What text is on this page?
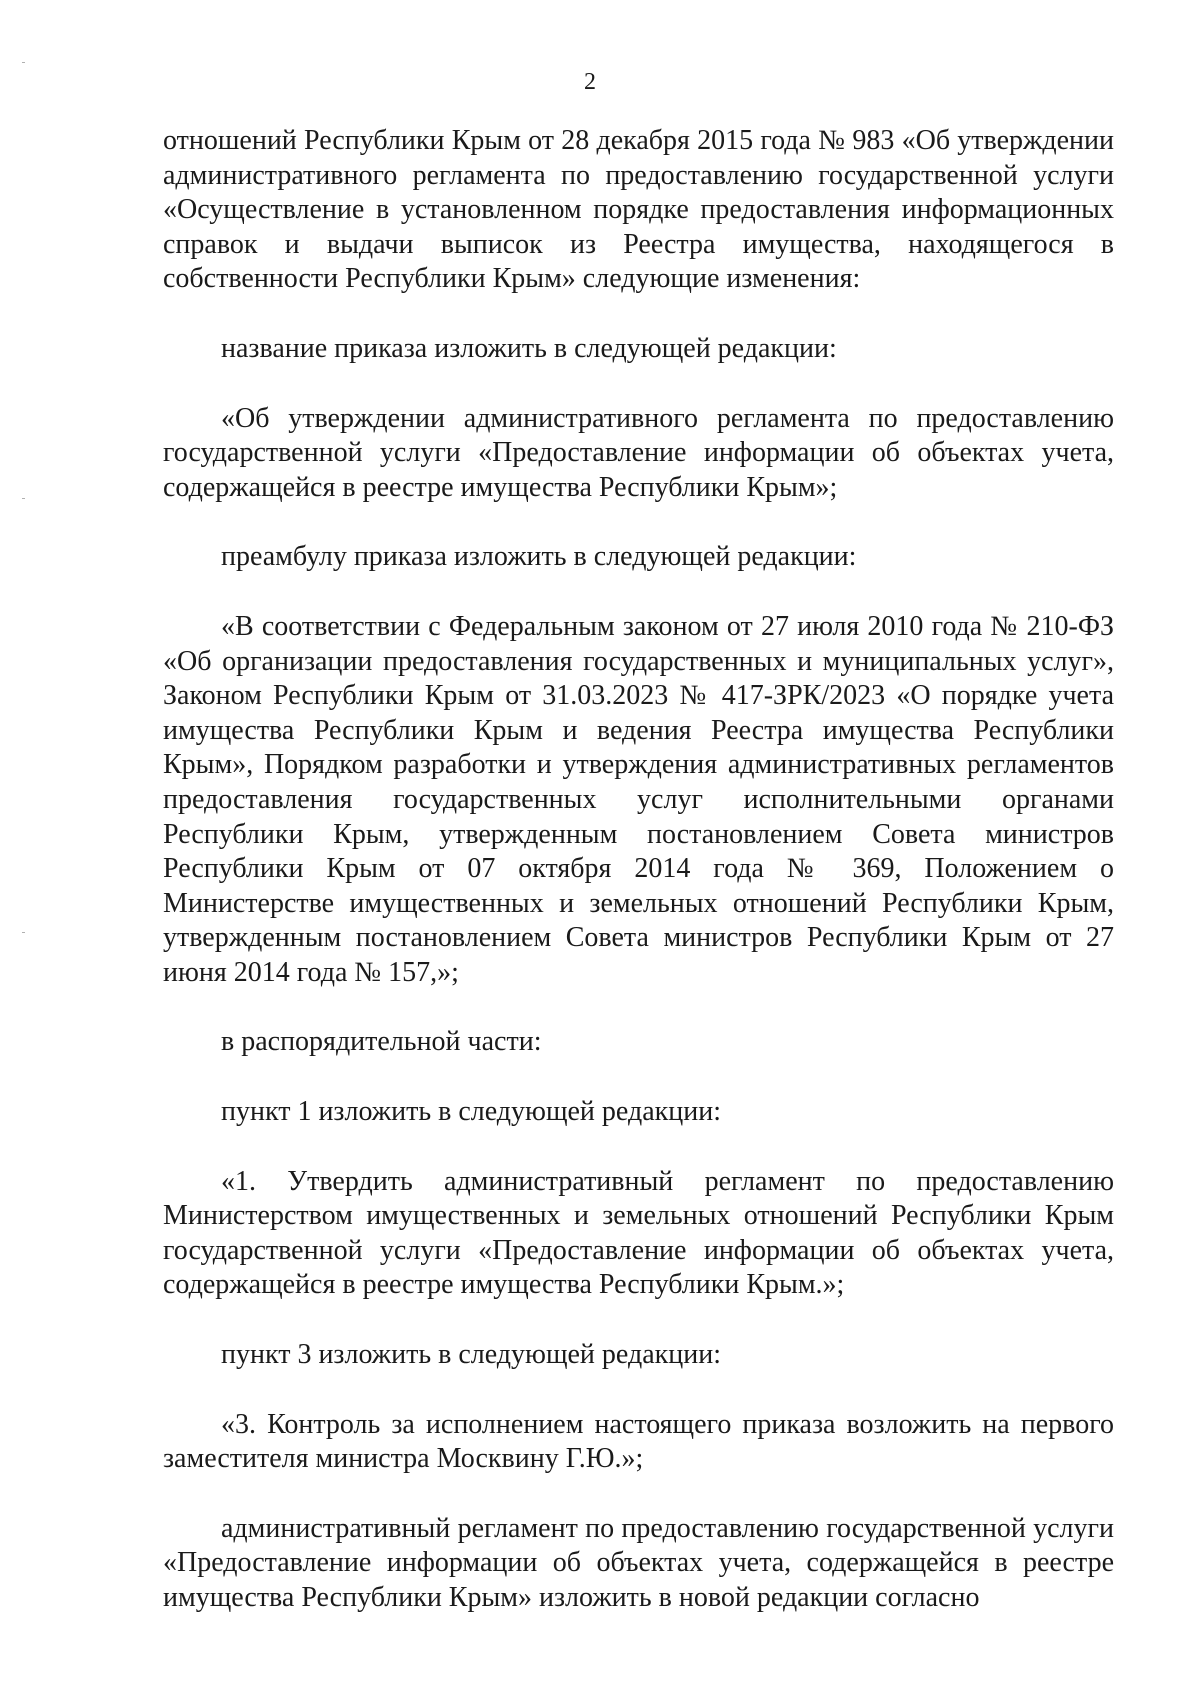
2

отношений Республики Крым от 28 декабря 2015 года № 983 «Об утверждении административного регламента по предоставлению государственной услуги «Осуществление в установленном порядке предоставления информационных справок и выдачи выписок из Реестра имущества, находящегося в собственности Республики Крым» следующие изменения:

название приказа изложить в следующей редакции:

«Об утверждении административного регламента по предоставлению государственной услуги «Предоставление информации об объектах учета, содержащейся в реестре имущества Республики Крым»;

преамбулу приказа изложить в следующей редакции:

«В соответствии с Федеральным законом от 27 июля 2010 года № 210-ФЗ «Об организации предоставления государственных и муниципальных услуг», Законом Республики Крым от 31.03.2023 № 417-ЗРК/2023 «О порядке учета имущества Республики Крым и ведения Реестра имущества Республики Крым», Порядком разработки и утверждения административных регламентов предоставления государственных услуг исполнительными органами Республики Крым, утвержденным постановлением Совета министров Республики Крым от 07 октября 2014 года № 369, Положением о Министерстве имущественных и земельных отношений Республики Крым, утвержденным постановлением Совета министров Республики Крым от 27 июня 2014 года № 157,»;

в распорядительной части:

пункт 1 изложить в следующей редакции:

«1. Утвердить административный регламент по предоставлению Министерством имущественных и земельных отношений Республики Крым государственной услуги «Предоставление информации об объектах учета, содержащейся в реестре имущества Республики Крым.»;

пункт 3 изложить в следующей редакции:

«3. Контроль за исполнением настоящего приказа возложить на первого заместителя министра Москвину Г.Ю.»;

административный регламент по предоставлению государственной услуги «Предоставление информации об объектах учета, содержащейся в реестре имущества Республики Крым» изложить в новой редакции согласно
